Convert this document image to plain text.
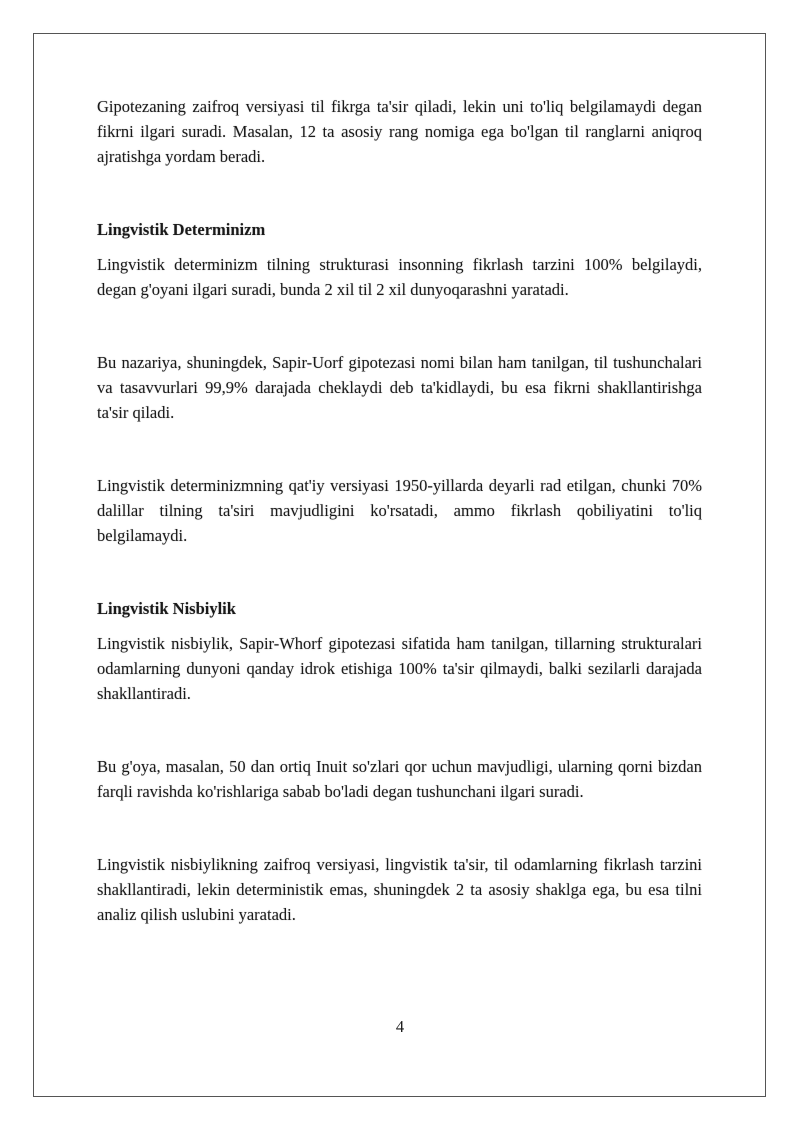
Gipotezaning zaifroq versiyasi til fikrga ta'sir qiladi, lekin uni to'liq belgilamaydi degan fikrni ilgari suradi. Masalan, 12 ta asosiy rang nomiga ega bo'lgan til ranglarni aniqroq ajratishga yordam beradi.

Lingvistik Determinizm

Lingvistik determinizm tilning strukturasi insonning fikrlash tarzini 100% belgilaydi, degan g'oyani ilgari suradi, bunda 2 xil til 2 xil dunyoqarashni yaratadi.

Bu nazariya, shuningdek, Sapir-Uorf gipotezasi nomi bilan ham tanilgan, til tushunchalari va tasavvurlari 99,9% darajada cheklaydi deb ta'kidlaydi, bu esa fikrni shakllantirishga ta'sir qiladi.

Lingvistik determinizmning qat'iy versiyasi 1950-yillarda deyarli rad etilgan, chunki 70% dalillar tilning ta'siri mavjudligini ko'rsatadi, ammo fikrlash qobiliyatini to'liq belgilamaydi.

Lingvistik Nisbiylik

Lingvistik nisbiylik, Sapir-Whorf gipotezasi sifatida ham tanilgan, tillarning strukturalari odamlarning dunyoni qanday idrok etishiga 100% ta'sir qilmaydi, balki sezilarli darajada shakllantiradi.

Bu g'oya, masalan, 50 dan ortiq Inuit so'zlari qor uchun mavjudligi, ularning qorni bizdan farqli ravishda ko'rishlariga sabab bo'ladi degan tushunchani ilgari suradi.

Lingvistik nisbiylikning zaifroq versiyasi, lingvistik ta'sir, til odamlarning fikrlash tarzini shakllantiradi, lekin deterministik emas, shuningdek 2 ta asosiy shaklga ega, bu esa tilni analiz qilish uslubini yaratadi.

4
